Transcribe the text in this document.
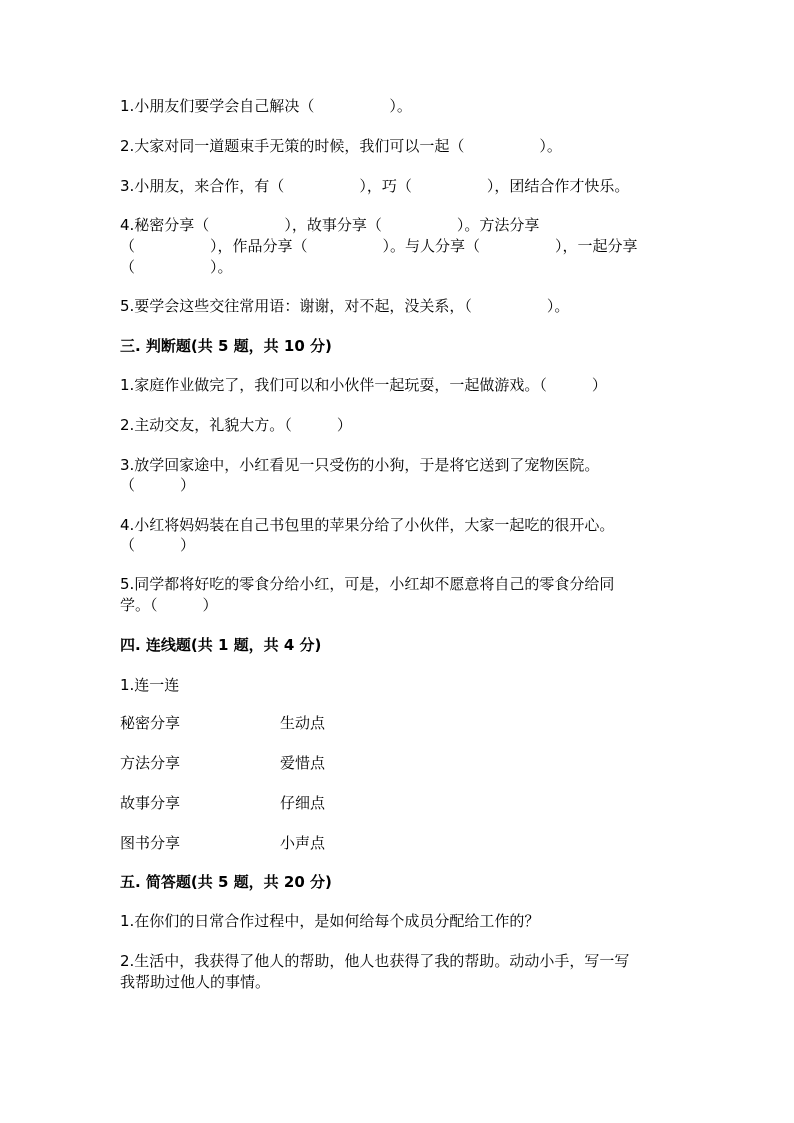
1.小朋友们要学会自己解决（　　　　　）。
2.大家对同一道题束手无策的时候，我们可以一起（　　　　　）。
3.小朋友，来合作，有（　　　　　），巧（　　　　　），团结合作才快乐。
4.秘密分享（　　　　　），故事分享（　　　　　）。方法分享
（　　　　　），作品分享（　　　　　）。与人分享（　　　　　），一起分享
（　　　　　）。
5.要学会这些交往常用语：谢谢，对不起，没关系，（　　　　　）。
三. 判断题(共 5 题，共 10 分)
1.家庭作业做完了，我们可以和小伙伴一起玩耍，一起做游戏。（　　　）
2.主动交友，礼貌大方。（　　　）
3.放学回家途中，小红看见一只受伤的小狗，于是将它送到了宠物医院。
（　　　）
4.小红将妈妈装在自己书包里的苹果分给了小伙伴，大家一起吃的很开心。
（　　　）
5.同学都将好吃的零食分给小红，可是，小红却不愿意将自己的零食分给同
学。（　　　）
四. 连线题(共 1 题，共 4 分)
1.连一连
秘密分享	生动点
方法分享	爱惜点
故事分享	仔细点
图书分享	小声点
五. 简答题(共 5 题，共 20 分)
1.在你们的日常合作过程中，是如何给每个成员分配给工作的？
2.生活中，我获得了他人的帮助，他人也获得了我的帮助。动动小手，写一写
我帮助过他人的事情。
